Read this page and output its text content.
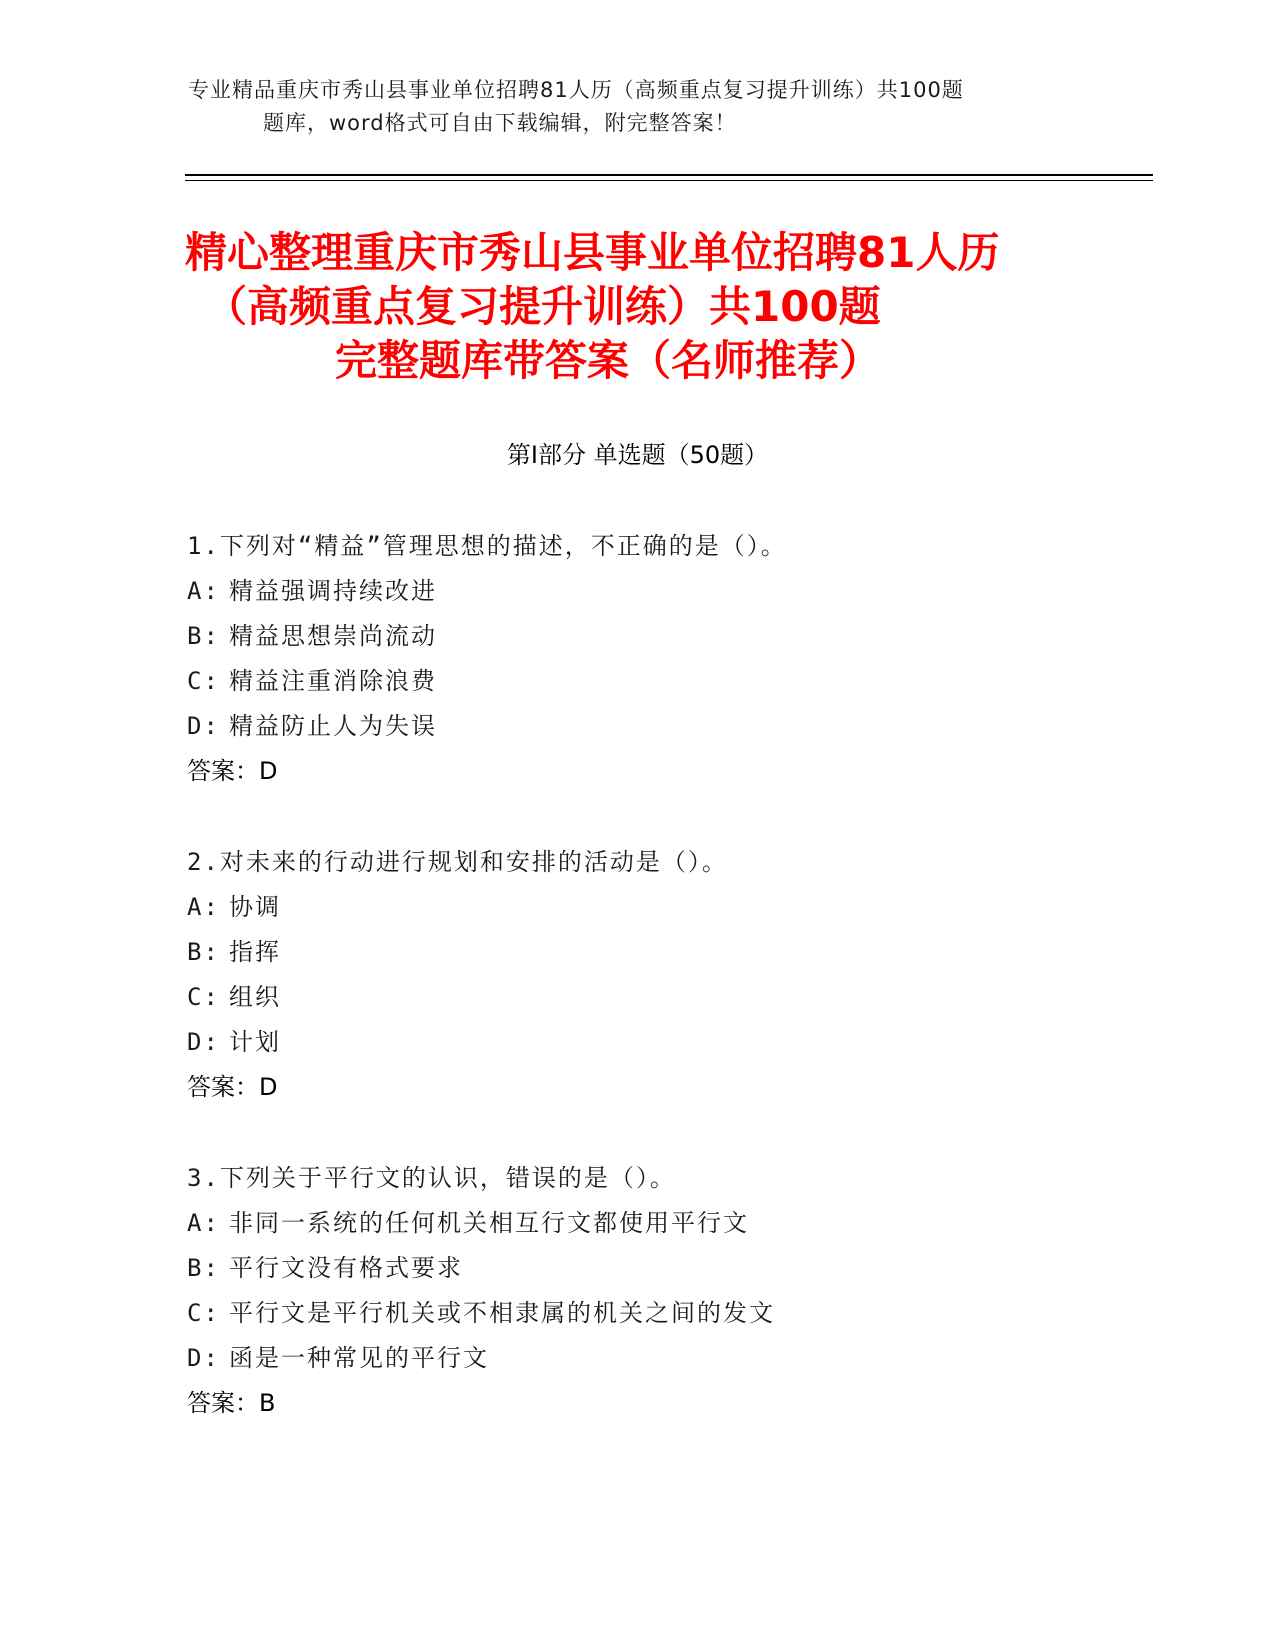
专业精品重庆市秀山县事业单位招聘81人历（高频重点复习提升训练）共100题
题库，word格式可自由下载编辑，附完整答案！
精心整理重庆市秀山县事业单位招聘81人历
（高频重点复习提升训练）共100题
完整题库带答案（名师推荐）
第Ⅰ部分 单选题（50题）
1.下列对“精益”管理思想的描述，不正确的是（）。
A: 精益强调持续改进
B: 精益思想崇尚流动
C: 精益注重消除浪费
D: 精益防止人为失误
答案：D
2.对未来的行动进行规划和安排的活动是（）。
A: 协调
B: 指挥
C: 组织
D: 计划
答案：D
3.下列关于平行文的认识，错误的是（）。
A: 非同一系统的任何机关相互行文都使用平行文
B: 平行文没有格式要求
C: 平行文是平行机关或不相隶属的机关之间的发文
D: 函是一种常见的平行文
答案：B
